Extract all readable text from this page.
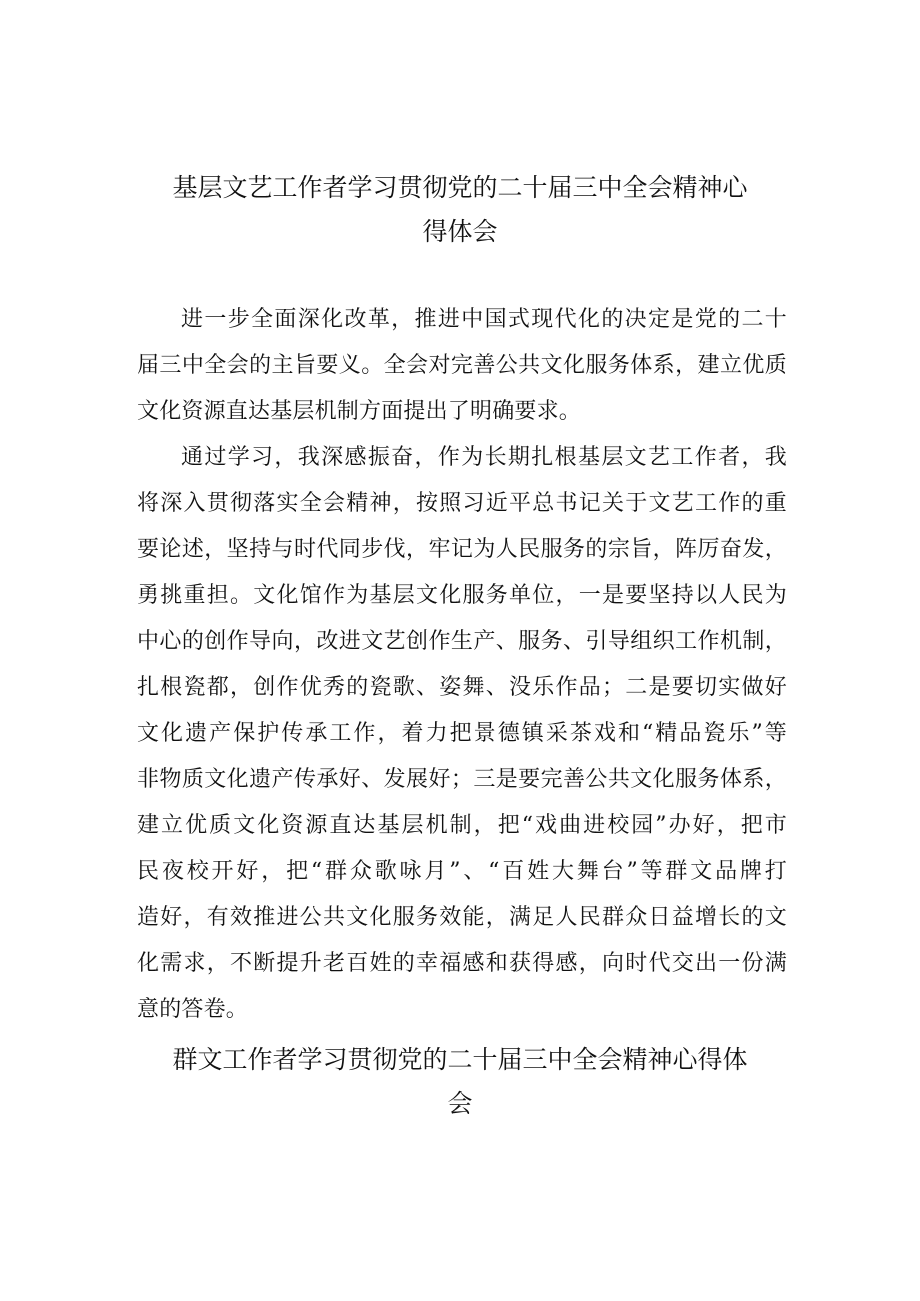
基层文艺工作者学习贯彻党的二十届三中全会精神心
得体会

进一步全面深化改革，推进中国式现代化的决定是党的二十
届三中全会的主旨要义。全会对完善公共文化服务体系，建立优质
文化资源直达基层机制方面提出了明确要求。

通过学习，我深感振奋，作为长期扎根基层文艺工作者，我
将深入贯彻落实全会精神，按照习近平总书记关于文艺工作的重
要论述，坚持与时代同步伐，牢记为人民服务的宗旨，阵厉奋发，
勇挑重担。文化馆作为基层文化服务单位，一是要坚持以人民为
中心的创作导向，改进文艺创作生产、服务、引导组织工作机制，
扎根瓷都，创作优秀的瓷歌、姿舞、没乐作品；二是要切实做好
文化遗产保护传承工作，着力把景德镇采茶戏和“精品瓷乐”等
非物质文化遗产传承好、发展好；三是要完善公共文化服务体系，
建立优质文化资源直达基层机制，把“戏曲进校园”办好，把市
民夜校开好，把“群众歌咏月”、“百姓大舞台”等群文品牌打
造好，有效推进公共文化服务效能，满足人民群众日益增长的文
化需求，不断提升老百姓的幸福感和获得感，向时代交出一份满
意的答卷。

群文工作者学习贯彻党的二十届三中全会精神心得体
会
